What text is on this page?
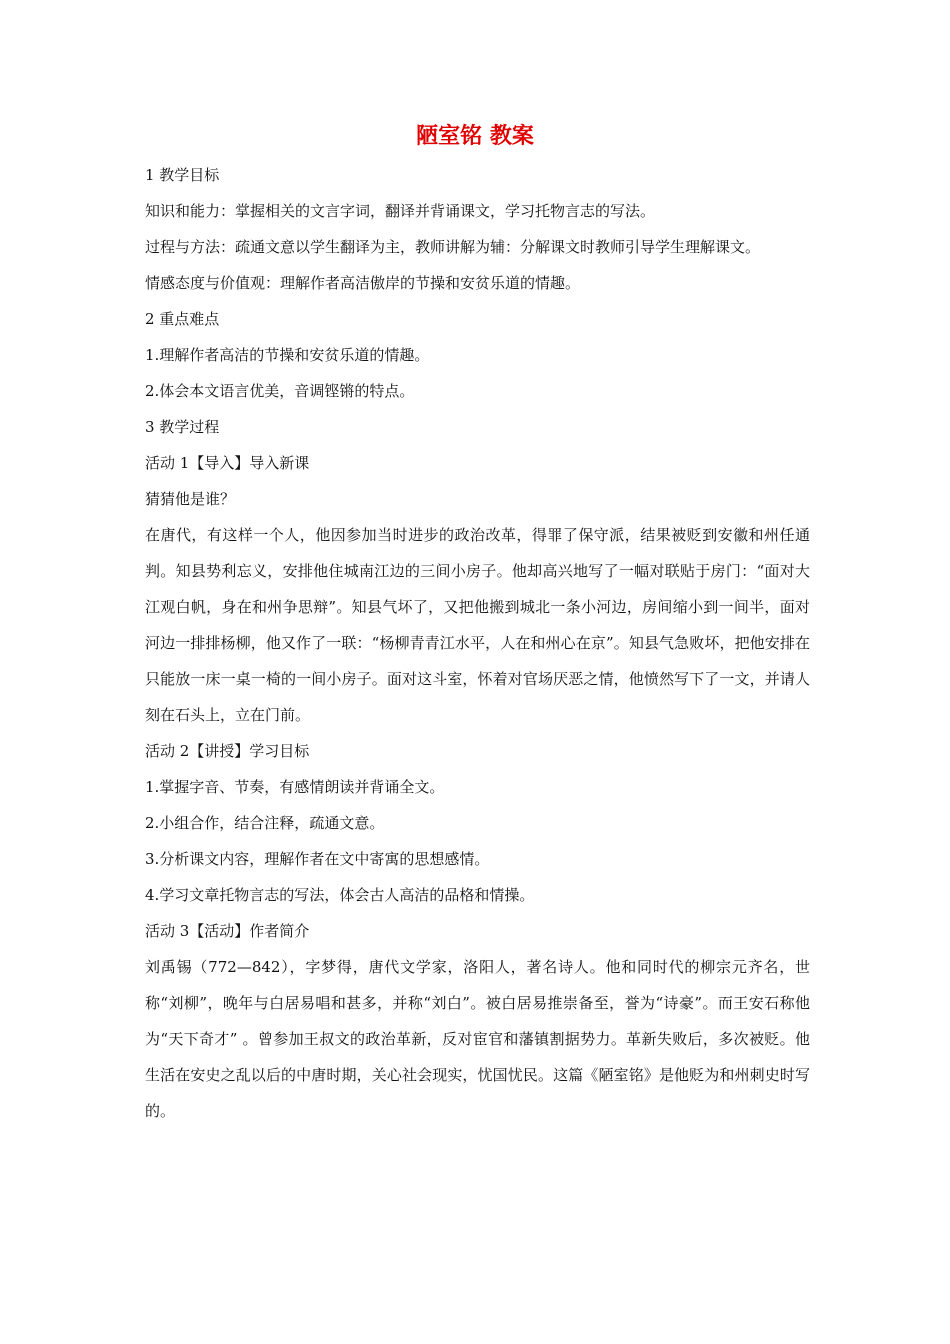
陋室铭 教案
1 教学目标
知识和能力：掌握相关的文言字词，翻译并背诵课文，学习托物言志的写法。
过程与方法：疏通文意以学生翻译为主，教师讲解为辅：分解课文时教师引导学生理解课文。
情感态度与价值观：理解作者高洁傲岸的节操和安贫乐道的情趣。
2 重点难点
1.理解作者高洁的节操和安贫乐道的情趣。
2.体会本文语言优美，音调铿锵的特点。
3 教学过程
活动 1【导入】导入新课
猜猜他是谁？
在唐代，有这样一个人，他因参加当时进步的政治改革，得罪了保守派，结果被贬到安徽和州任通判。知县势利忘义，安排他住城南江边的三间小房子。他却高兴地写了一幅对联贴于房门：“面对大江观白帆，身在和州争思辩”。知县气坏了，又把他搬到城北一条小河边，房间缩小到一间半，面对河边一排排杨柳，他又作了一联：“杨柳青青江水平，人在和州心在京”。知县气急败坏，把他安排在只能放一床一桌一椅的一间小房子。面对这斗室，怀着对官场厌恶之情，他愤然写下了一文，并请人刻在石头上，立在门前。
活动 2【讲授】学习目标
1.掌握字音、节奏，有感情朗读并背诵全文。
2.小组合作，结合注释，疏通文意。
3.分析课文内容，理解作者在文中寄寓的思想感情。
4.学习文章托物言志的写法，体会古人高洁的品格和情操。
活动 3【活动】作者简介
刘禹锡（772—842），字梦得，唐代文学家，洛阳人，著名诗人。他和同时代的柳宗元齐名，世称“刘柳”，晚年与白居易唱和甚多，并称“刘白”。被白居易推崇备至，誉为“诗豪”。而王安石称他为“天下奇才” 。曾参加王叔文的政治革新，反对宦官和藩镇割据势力。革新失败后，多次被贬。他生活在安史之乱以后的中唐时期，关心社会现实，忧国忧民。这篇《陋室铭》是他贬为和州刺史时写的。
